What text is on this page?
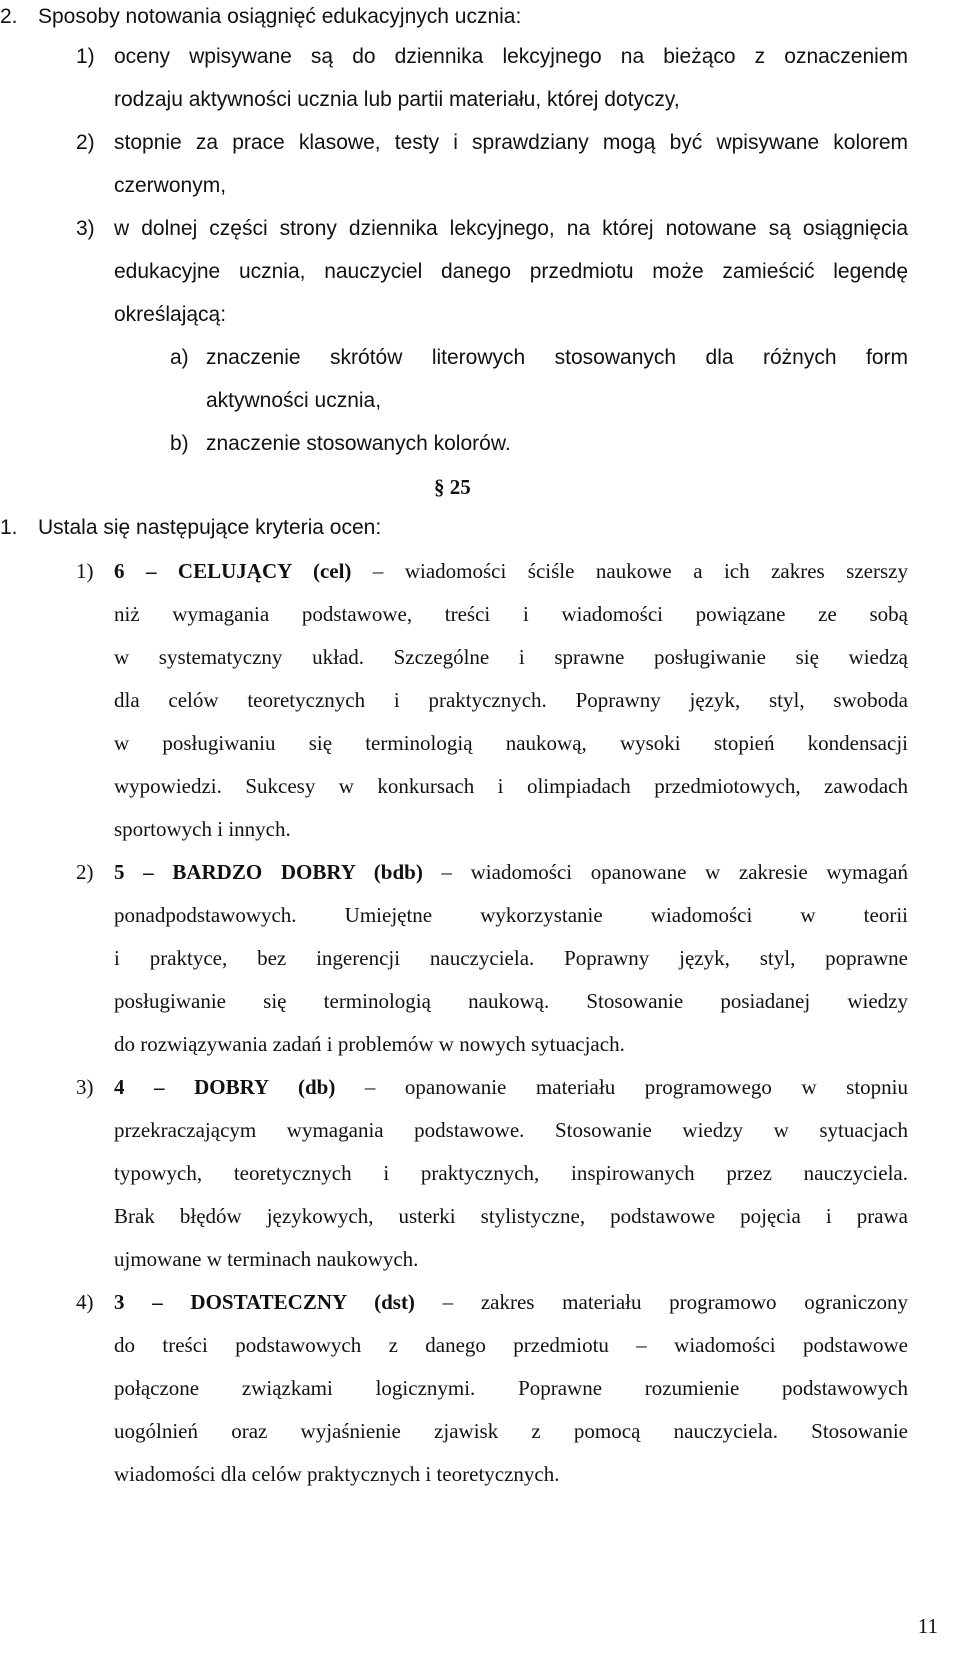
2. Sposoby notowania osiągnięć edukacyjnych ucznia:
1) oceny wpisywane są do dziennika lekcyjnego na bieżąco z oznaczeniem
rodzaju aktywności ucznia lub partii materiału, której dotyczy,
2) stopnie za prace klasowe, testy i sprawdziany mogą być wpisywane kolorem
czerwonym,
3) w dolnej części strony dziennika lekcyjnego, na której notowane są osiągnięcia
edukacyjne ucznia, nauczyciel danego przedmiotu może zamieścić legendę
określającą:
a) znaczenie skrótów literowych stosowanych dla różnych form
aktywności ucznia,
b) znaczenie stosowanych kolorów.
§ 25
1. Ustala się następujące kryteria ocen:
1) 6 – CELUJĄCY (cel) – wiadomości ściśle naukowe a ich zakres szerszy
niż wymagania podstawowe, treści i wiadomości powiązane ze sobą
w systematyczny układ. Szczególne i sprawne posługiwanie się wiedzą
dla celów teoretycznych i praktycznych. Poprawny język, styl, swoboda
w posługiwaniu się terminologią naukową, wysoki stopień kondensacji
wypowiedzi. Sukcesy w konkursach i olimpiadach przedmiotowych, zawodach
sportowych i innych.
2) 5 – BARDZO DOBRY (bdb) – wiadomości opanowane w zakresie wymagań
ponadpodstawowych. Umiejętne wykorzystanie wiadomości w teorii
i praktyce, bez ingerencji nauczyciela. Poprawny język, styl, poprawne
posługiwanie się terminologią naukową. Stosowanie posiadanej wiedzy
do rozwiązywania zadań i problemów w nowych sytuacjach.
3) 4 – DOBRY (db) – opanowanie materiału programowego w stopniu
przekraczającym wymagania podstawowe. Stosowanie wiedzy w sytuacjach
typowych, teoretycznych i praktycznych, inspirowanych przez nauczyciela.
Brak błędów językowych, usterki stylistyczne, podstawowe pojęcia i prawa
ujmowane w terminach naukowych.
4) 3 – DOSTATECZNY (dst) – zakres materiału programowo ograniczony
do treści podstawowych z danego przedmiotu – wiadomości podstawowe
połączone związkami logicznymi. Poprawne rozumienie podstawowych
uogólnień oraz wyjaśnienie zjawisk z pomocą nauczyciela. Stosowanie
wiadomości dla celów praktycznych i teoretycznych.
11
